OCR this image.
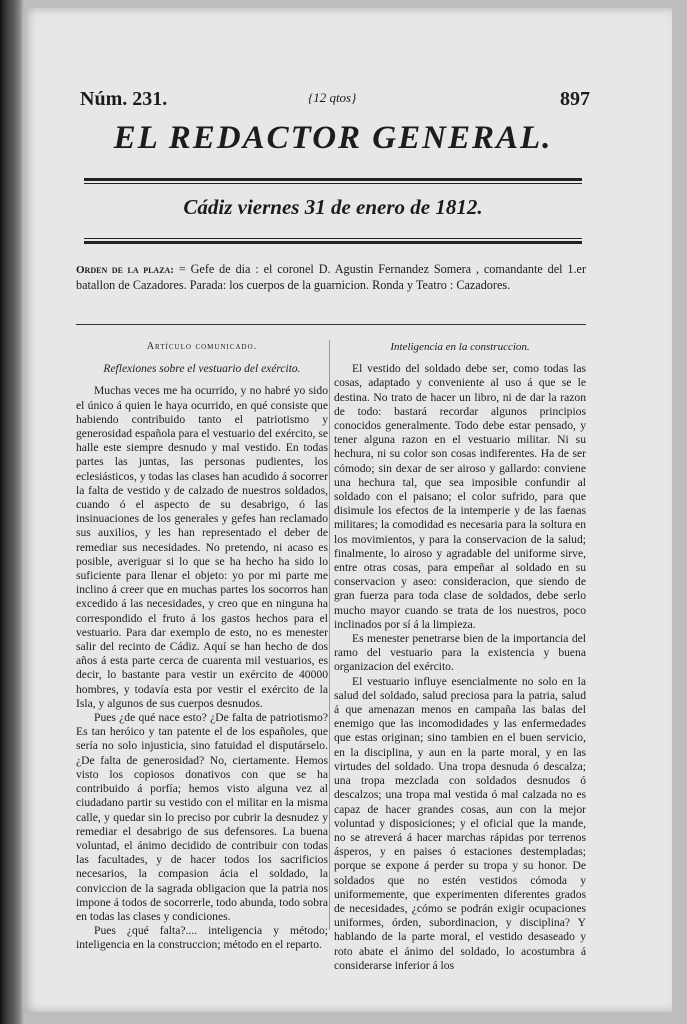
Núm. 231.	{12 qtos}	897
EL REDACTOR GENERAL.
Cádiz viernes 31 de enero de 1812.
Orden de la plaza: = Gefe de dia : el coronel D. Agustin Fernandez Somera , comandante del 1.er batallon de Cazadores. Parada: los cuerpos de la guarnicion. Ronda y Teatro : Cazadores.
Artículo comunicado.
Reflexiones sobre el vestuario del exército.

Muchas veces me ha ocurrido, y no habré yo sido el único á quien le haya ocurrido, en qué consiste que habiendo contribuido tanto el patriotismo y generosidad española para el vestuario del exército, se halle este siempre desnudo y mal vestido. En todas partes las juntas, las personas pudientes, los eclesiásticos, y todas las clases han acudido á socorrer la falta de vestido y de calzado de nuestros soldados, cuando ó el aspecto de su desabrigo, ó las insinuaciones de los generales y gefes han reclamado sus auxilios, y les han representado el deber de remediar sus necesidades. No pretendo, ni acaso es posible, averiguar si lo que se ha hecho ha sido lo suficiente para llenar el objeto: yo por mi parte me inclino á creer que en muchas partes los socorros han excedido á las necesidades, y creo que en ninguna ha correspondido el fruto á los gastos hechos para el vestuario. Para dar exemplo de esto, no es menester salir del recinto de Cádiz. Aquí se han hecho de dos años á esta parte cerca de cuarenta mil vestuarios, es decir, lo bastante para vestir un exército de 40000 hombres, y todavía esta por vestir el exército de la Isla, y algunos de sus cuerpos desnudos.

Pues ¿de qué nace esto? ¿De falta de patriotismo? Es tan heróico y tan patente el de los españoles, que sería no solo injusticia, sino fatuidad el disputárselo. ¿De falta de generosidad? No, ciertamente. Hemos visto los copiosos donativos con que se ha contribuido á porfía; hemos visto alguna vez al ciudadano partir su vestido con el militar en la misma calle, y quedar sin lo preciso por cubrir la desnudez y remediar el desabrigo de sus defensores. La buena voluntad, el ánimo decidido de contribuir con todas las facultades, y de hacer todos los sacrificios necesarios, la compasion ácia el soldado, la conviccion de la sagrada obligacion que la patria nos impone á todos de socorrerle, todo abunda, todo sobra en todas las clases y condiciones.

Pues ¿qué falta?.... inteligencia y método; inteligencia en la construccion; método en el reparto.

Inteligencia en la construccion.

El vestido del soldado debe ser, como todas las cosas, adaptado y conveniente al uso á que se le destina. No trato de hacer un libro, ni de dar la razon de todo: bastará recordar algunos principios conocidos generalmente. Todo debe estar pensado, y tener alguna razon en el vestuario militar. Ni su hechura, ni su color son cosas indiferentes. Ha de ser cómodo; sin dexar de ser airoso y gallardo: conviene una hechura tal, que sea imposible confundir al soldado con el paisano; el color sufrido, para que disimule los efectos de la intemperie y de las faenas militares; la comodidad es necesaria para la soltura en los movimientos, y para la conservacion de la salud; finalmente, lo airoso y agradable del uniforme sirve, entre otras cosas, para empeñar al soldado en su conservacion y aseo: consideracion, que siendo de gran fuerza para toda clase de soldados, debe serlo mucho mayor cuando se trata de los nuestros, poco inclinados por sí á la limpieza.

Es menester penetrarse bien de la importancia del ramo del vestuario para la existencia y buena organizacion del exército.

El vestuario influye esencialmente no solo en la salud del soldado, salud preciosa para la patria, salud á que amenazan menos en campaña las balas del enemigo que las incomodidades y las enfermedades que estas originan; sino tambien en el buen servicio, en la disciplina, y aun en la parte moral, y en las virtudes del soldado. Una tropa desnuda ó descalza; una tropa mezclada con soldados desnudos ó descalzos; una tropa mal vestida ó mal calzada no es capaz de hacer grandes cosas, aun con la mejor voluntad y disposiciones; y el oficial que la mande, no se atreverá á hacer marchas rápidas por terrenos ásperos, y en paises ó estaciones destempladas; porque se expone á perder su tropa y su honor. De soldados que no estén vestidos cómoda y uniformemente, que experimenten diferentes grados de necesidades, ¿cómo se podrán exigir ocupaciones uniformes, órden, subordinacion, y disciplina? Y hablando de la parte moral, el vestido desaseado y roto abate el ánimo del soldado, lo acostumbra á considerarse inferior á los
